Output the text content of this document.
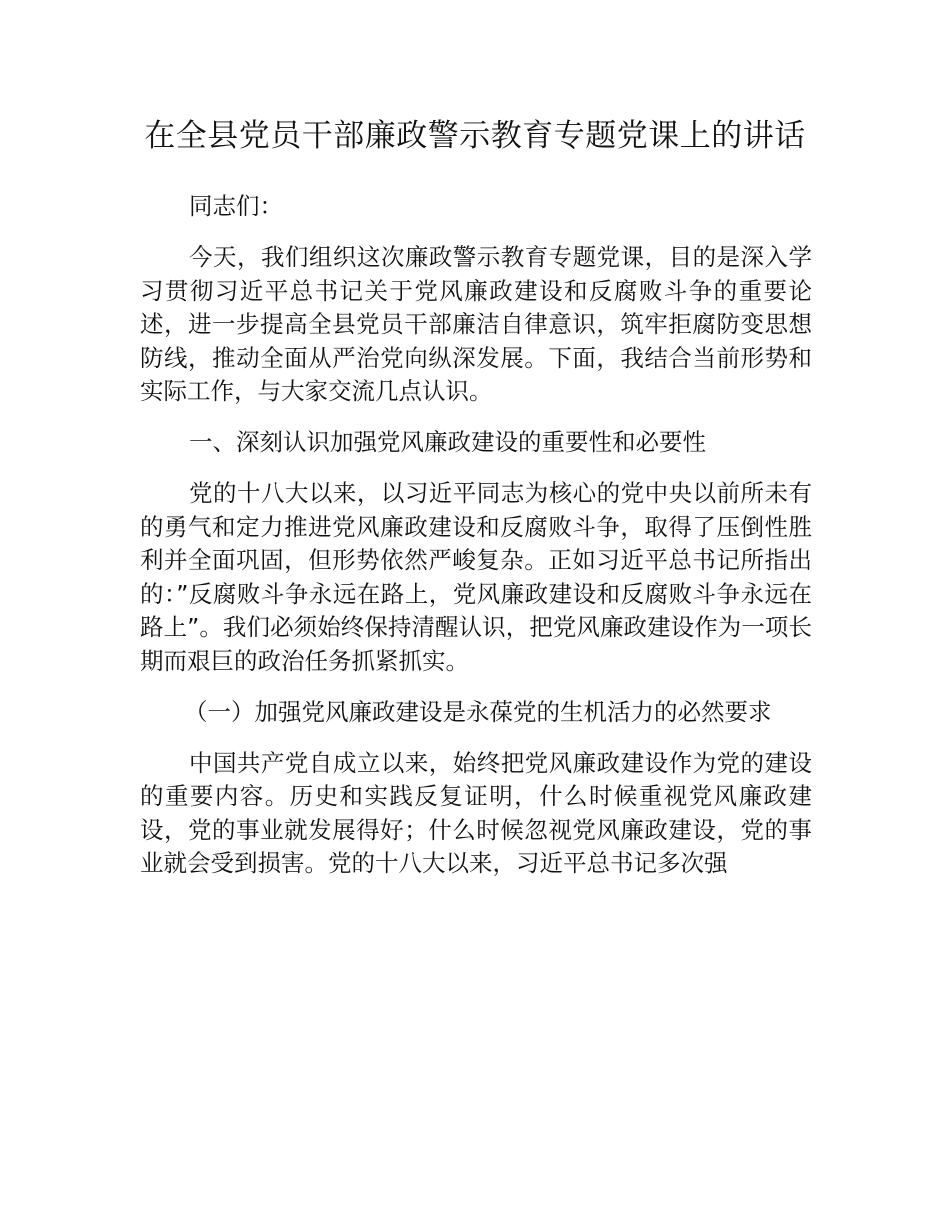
在全县党员干部廉政警示教育专题党课上的讲话

同志们：

今天，我们组织这次廉政警示教育专题党课，目的是深入学习贯彻习近平总书记关于党风廉政建设和反腐败斗争的重要论述，进一步提高全县党员干部廉洁自律意识，筑牢拒腐防变思想防线，推动全面从严治党向纵深发展。下面，我结合当前形势和实际工作，与大家交流几点认识。

一、深刻认识加强党风廉政建设的重要性和必要性

党的十八大以来，以习近平同志为核心的党中央以前所未有的勇气和定力推进党风廉政建设和反腐败斗争，取得了压倒性胜利并全面巩固，但形势依然严峻复杂。正如习近平总书记所指出的：”反腐败斗争永远在路上，党风廉政建设和反腐败斗争永远在路上”。我们必须始终保持清醒认识，把党风廉政建设作为一项长期而艰巨的政治任务抓紧抓实。

（一）加强党风廉政建设是永葆党的生机活力的必然要求

中国共产党自成立以来，始终把党风廉政建设作为党的建设的重要内容。历史和实践反复证明，什么时候重视党风廉政建设，党的事业就发展得好；什么时候忽视党风廉政建设，党的事业就会受到损害。党的十八大以来，习近平总书记多次强
